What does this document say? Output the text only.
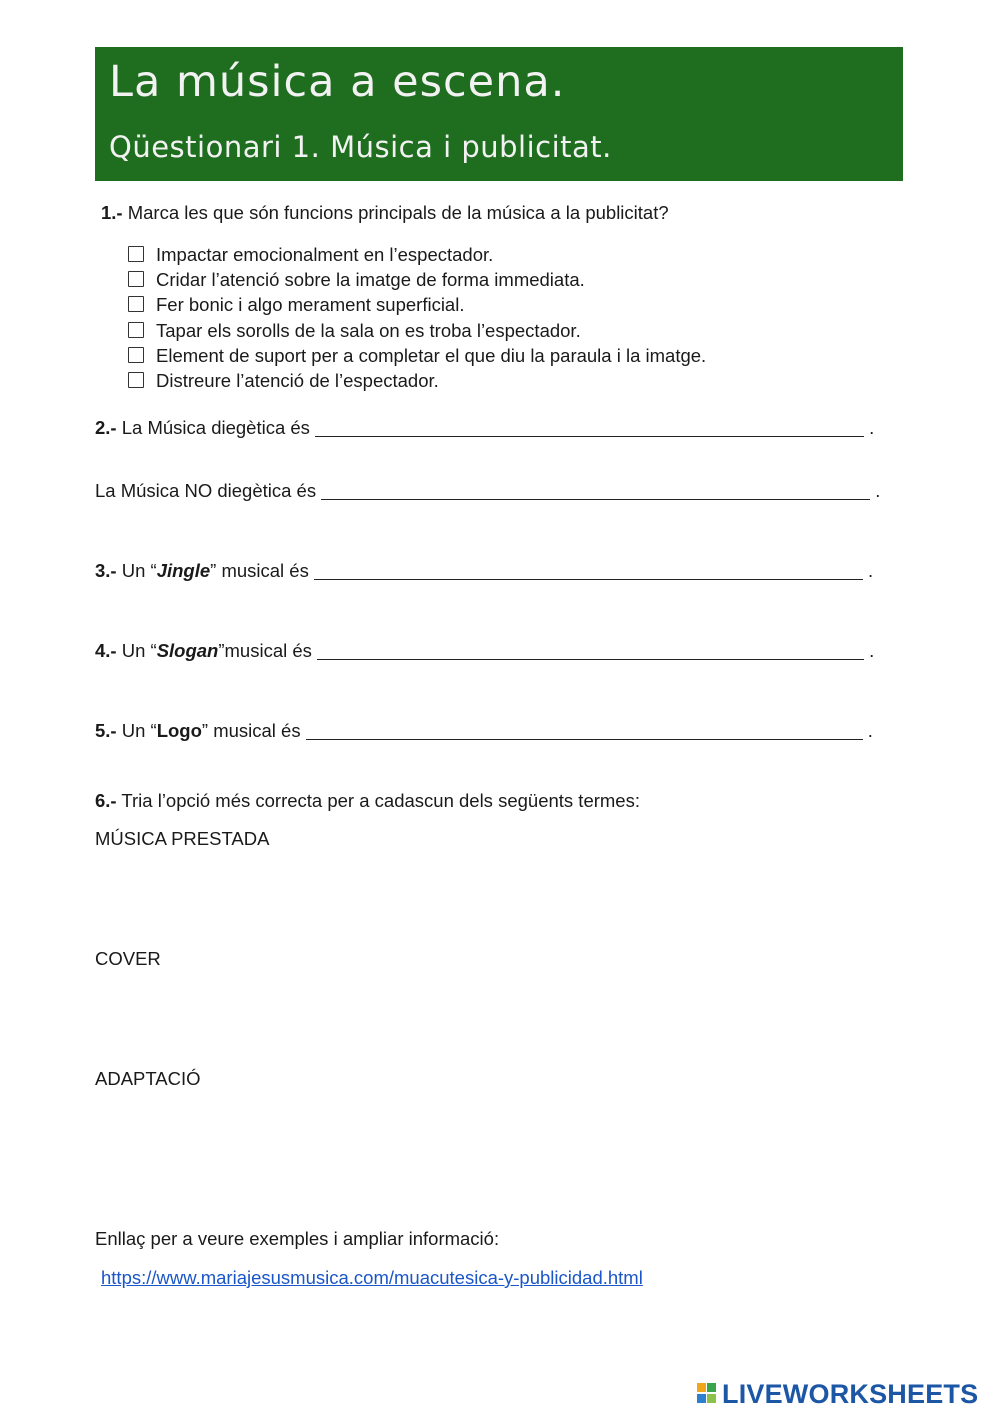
La música a escena.
Qüestionari 1. Música i publicitat.
1.- Marca les que són funcions principals de la música a la publicitat?
Impactar emocionalment en l’espectador.
Cridar l’atenció sobre la imatge de forma immediata.
Fer bonic i algo merament superficial.
Tapar els sorolls de la sala on es troba l’espectador.
Element de suport per a completar el que diu la paraula i la imatge.
Distreure l’atenció de l’espectador.
2.- La Música diegètica és	.
La Música NO diegètica és	.
3.- Un “Jingle” musical és	.
4.- Un “Slogan”musical és	.
5.- Un “Logo” musical és	.
6.- Tria l’opció més correcta per a cadascun dels següents termes:
MÚSICA PRESTADA
COVER
ADAPTACIÓ
Enllaç per a veure exemples i ampliar informació:
https://www.mariajesusmusica.com/muacutesica-y-publicidad.html
LIVEWORKSHEETS
